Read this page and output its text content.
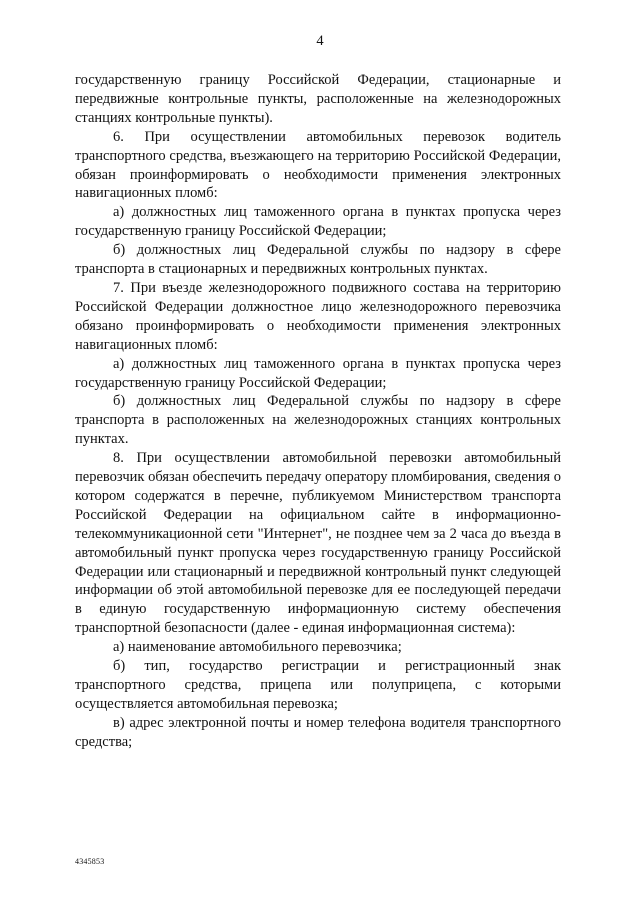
4

государственную границу Российской Федерации, стационарные и передвижные контрольные пункты, расположенные на железнодорожных станциях контрольные пункты).

6. При осуществлении автомобильных перевозок водитель транспортного средства, въезжающего на территорию Российской Федерации, обязан проинформировать о необходимости применения электронных навигационных пломб:

а) должностных лиц таможенного органа в пунктах пропуска через государственную границу Российской Федерации;

б) должностных лиц Федеральной службы по надзору в сфере транспорта в стационарных и передвижных контрольных пунктах.

7. При въезде железнодорожного подвижного состава на территорию Российской Федерации должностное лицо железнодорожного перевозчика обязано проинформировать о необходимости применения электронных навигационных пломб:

а) должностных лиц таможенного органа в пунктах пропуска через государственную границу Российской Федерации;

б) должностных лиц Федеральной службы по надзору в сфере транспорта в расположенных на железнодорожных станциях контрольных пунктах.

8. При осуществлении автомобильной перевозки автомобильный перевозчик обязан обеспечить передачу оператору пломбирования, сведения о котором содержатся в перечне, публикуемом Министерством транспорта Российской Федерации на официальном сайте в информационно-телекоммуникационной сети "Интернет", не позднее чем за 2 часа до въезда в автомобильный пункт пропуска через государственную границу Российской Федерации или стационарный и передвижной контрольный пункт следующей информации об этой автомобильной перевозке для ее последующей передачи в единую государственную информационную систему обеспечения транспортной безопасности (далее - единая информационная система):

а) наименование автомобильного перевозчика;

б) тип, государство регистрации и регистрационный знак транспортного средства, прицепа или полуприцепа, с которыми осуществляется автомобильная перевозка;

в) адрес электронной почты и номер телефона водителя транспортного средства;

4345853
